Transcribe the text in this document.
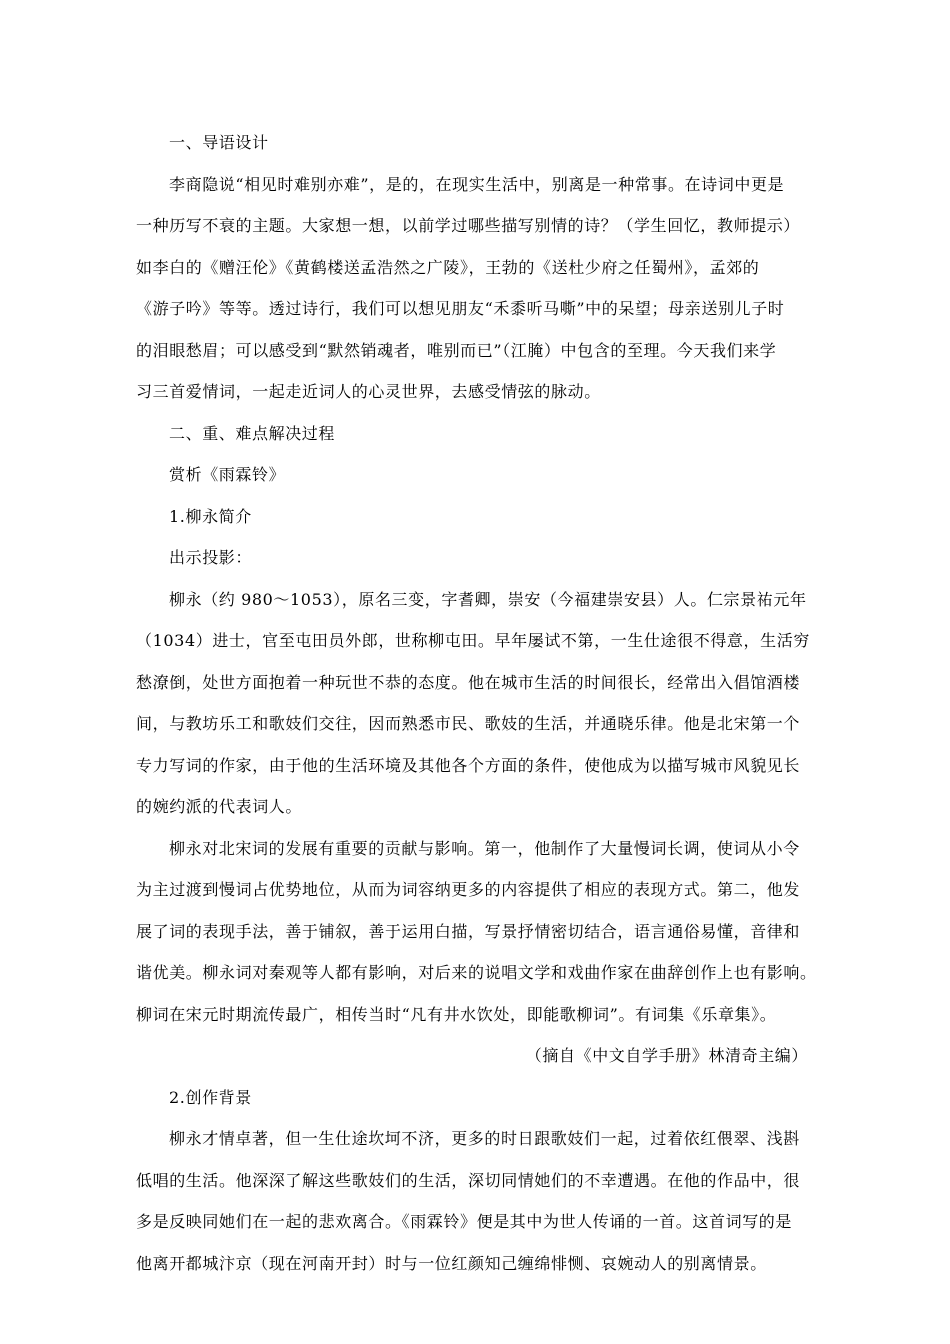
一、导语设计
李商隐说“相见时难别亦难”，是的，在现实生活中，别离是一种常事。在诗词中更是
一种历写不衰的主题。大家想一想，以前学过哪些描写别情的诗？（学生回忆，教师提示）
如李白的《赠汪伦》《黄鹤楼送孟浩然之广陵》，王勃的《送杜少府之任蜀州》，孟郊的
《游子吟》等等。透过诗行，我们可以想见朋友“禾黍听马嘶”中的呆望；母亲送别儿子时
的泪眼愁眉；可以感受到“默然销魂者，唯别而已”（江腌）中包含的至理。今天我们来学
习三首爱情词，一起走近词人的心灵世界，去感受情弦的脉动。
二、重、难点解决过程
赏析《雨霖铃》
1.柳永简介
出示投影：
柳永（约 980～1053），原名三变，字耆卿，崇安（今福建崇安县）人。仁宗景祐元年
（1034）进士，官至屯田员外郎，世称柳屯田。早年屡试不第，一生仕途很不得意，生活穷
愁潦倒，处世方面抱着一种玩世不恭的态度。他在城市生活的时间很长，经常出入倡馆酒楼
间，与教坊乐工和歌妓们交往，因而熟悉市民、歌妓的生活，并通晓乐律。他是北宋第一个
专力写词的作家，由于他的生活环境及其他各个方面的条件，使他成为以描写城市风貌见长
的婉约派的代表词人。
柳永对北宋词的发展有重要的贡献与影响。第一，他制作了大量慢词长调，使词从小令
为主过渡到慢词占优势地位，从而为词容纳更多的内容提供了相应的表现方式。第二，他发
展了词的表现手法，善于铺叙，善于运用白描，写景抒情密切结合，语言通俗易懂，音律和
谐优美。柳永词对秦观等人都有影响，对后来的说唱文学和戏曲作家在曲辞创作上也有影响。
柳词在宋元时期流传最广，相传当时“凡有井水饮处，即能歌柳词”。有词集《乐章集》。
（摘自《中文自学手册》林清奇主编）
2.创作背景
柳永才情卓著，但一生仕途坎坷不济，更多的时日跟歌妓们一起，过着依红偎翠、浅斟
低唱的生活。他深深了解这些歌妓们的生活，深切同情她们的不幸遭遇。在他的作品中，很
多是反映同她们在一起的悲欢离合。《雨霖铃》便是其中为世人传诵的一首。这首词写的是
他离开都城汴京（现在河南开封）时与一位红颜知己缠绵悱恻、哀婉动人的别离情景。
